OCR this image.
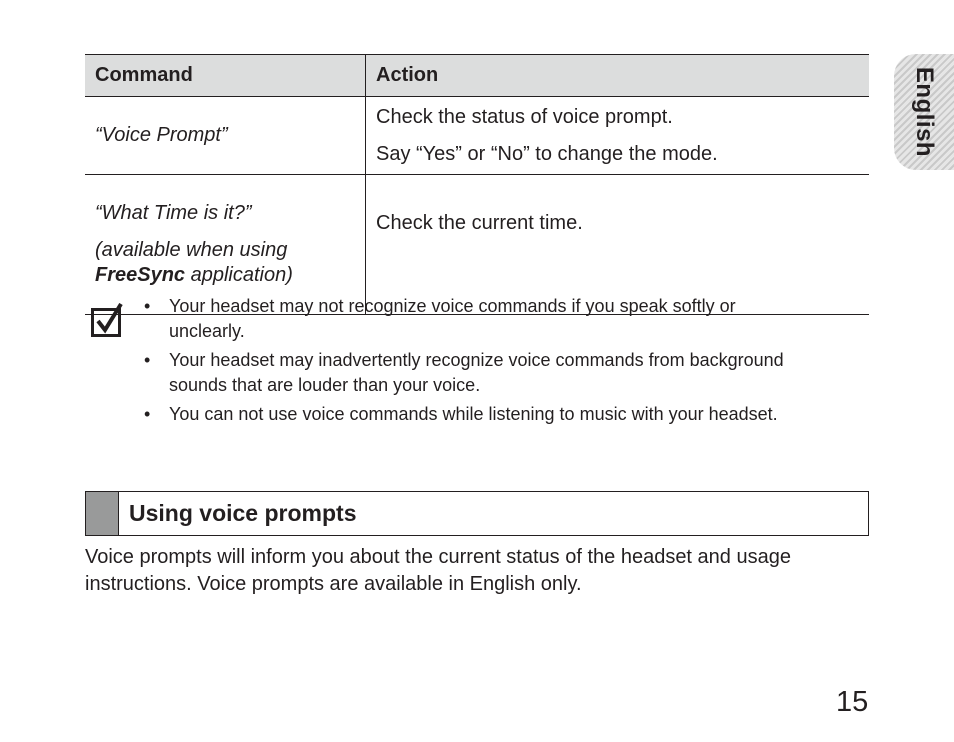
English
Command	Action

“Voice Prompt”	Check the status of voice prompt.

Say “Yes” or “No” to change the mode.

“What Time is it?”

(available when using
FreeSync application)	Check the current time.

• Your headset may not recognize voice commands if you speak softly or unclearly.
• Your headset may inadvertently recognize voice commands from background sounds that are louder than your voice.
• You can not use voice commands while listening to music with your headset.
Using voice prompts

Voice prompts will inform you about the current status of the headset and usage instructions. Voice prompts are available in English only.

15
